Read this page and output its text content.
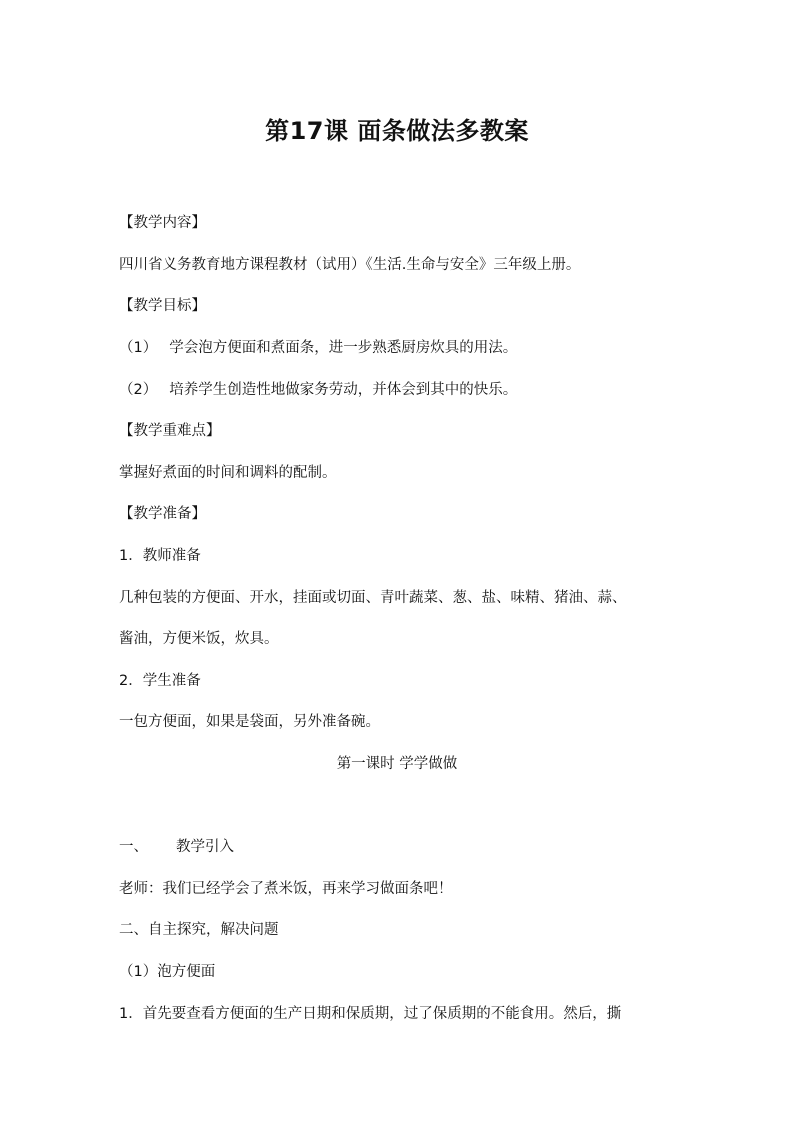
第17课 面条做法多教案
【教学内容】
四川省义务教育地方课程教材（试用）《生活.生命与安全》三年级上册。
【教学目标】
（1） 学会泡方便面和煮面条，进一步熟悉厨房炊具的用法。
（2） 培养学生创造性地做家务劳动，并体会到其中的快乐。
【教学重难点】
掌握好煮面的时间和调料的配制。
【教学准备】
1．教师准备
几种包装的方便面、开水，挂面或切面、青叶蔬菜、葱、盐、味精、猪油、蒜、
酱油，方便米饭，炊具。
2．学生准备
一包方便面，如果是袋面，另外准备碗。
第一课时 学学做做
一、 教学引入
老师：我们已经学会了煮米饭，再来学习做面条吧！
二、自主探究，解决问题
（1）泡方便面
1．首先要查看方便面的生产日期和保质期，过了保质期的不能食用。然后，撕
